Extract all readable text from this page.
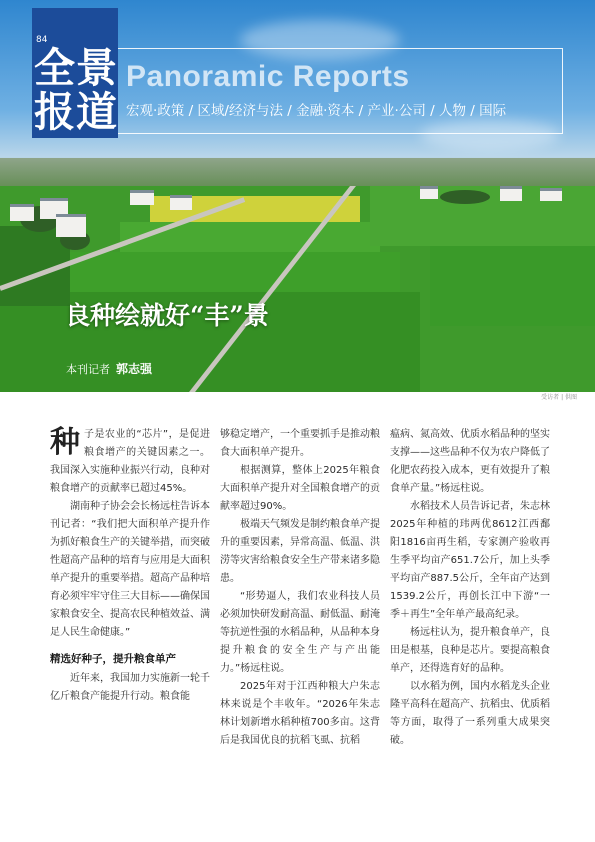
84
全景
报道
Panoramic Reports
宏观·政策 / 区域/经济与法 / 金融·资本 / 产业·公司 / 人物 / 国际
良种绘就好“丰”景
本刊记者 郭志强
受访者 | 供图

种子是农业的“芯片”，是促进粮食增产的关键因素之一。我国深入实施种业振兴行动，良种对粮食增产的贡献率已超过45%。

湖南种子协会会长杨远柱告诉本刊记者：“我们把大面积单产提升作为抓好粮食生产的关键举措，而突破性超高产品种的培育与应用是大面积单产提升的重要举措。超高产品种培育必须牢牢守住三大目标——确保国家粮食安全、提高农民种植效益、满足人民生命健康。”

精选好种子，提升粮食单产

近年来，我国加力实施新一轮千亿斤粮食产能提升行动。粮食能

够稳定增产，一个重要抓手是推动粮食大面积单产提升。

根据测算，整体上2025年粮食大面积单产提升对全国粮食增产的贡献率超过90%。

极端天气频发是制约粮食单产提升的重要因素，异常高温、低温、洪涝等灾害给粮食安全生产带来诸多隐患。

“形势逼人，我们农业科技人员必须加快研发耐高温、耐低温、耐淹等抗逆性强的水稻品种，从品种本身提升粮食的安全生产与产出能力。”杨远柱说。

2025年对于江西种粮大户朱志林来说是个丰收年。“2026年朱志林计划新增水稻种植700多亩。这背后是我国优良的抗稻飞虱、抗稻

瘟病、氮高效、优质水稻品种的坚实支撑——这些品种不仅为农户降低了化肥农药投入成本，更有效提升了粮食单产量。”杨远柱说。

水稻技术人员告诉记者，朱志林2025年种植的玮两优8612江西鄱阳1816亩再生稻，专家测产验收再生季平均亩产651.7公斤，加上头季平均亩产887.5公斤，全年亩产达到1539.2公斤，再创长江中下游“一季＋再生”全年单产最高纪录。

杨远柱认为，提升粮食单产，良田是根基，良种是芯片。要提高粮食单产，还得选育好的品种。

以水稻为例，国内水稻龙头企业隆平高科在超高产、抗稻虫、优质稻等方面，取得了一系列重大成果突破。
